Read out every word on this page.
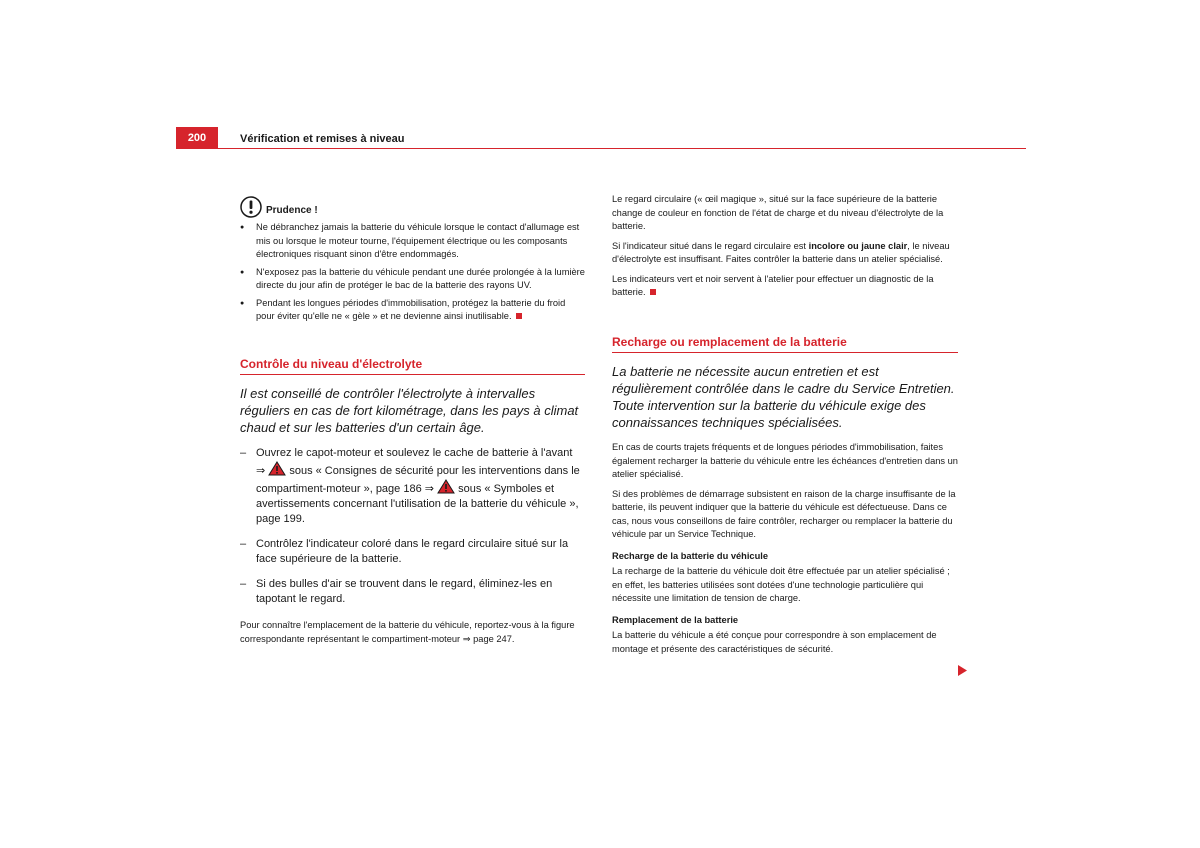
200	Vérification et remises à niveau
Prudence !
● Ne débranchez jamais la batterie du véhicule lorsque le contact d'allumage est mis ou lorsque le moteur tourne, l'équipement électrique ou les composants électroniques risquant sinon d'être endommagés.
● N'exposez pas la batterie du véhicule pendant une durée prolongée à la lumière directe du jour afin de protéger le bac de la batterie des rayons UV.
● Pendant les longues périodes d'immobilisation, protégez la batterie du froid pour éviter qu'elle ne « gèle » et ne devienne ainsi inutilisable.
Contrôle du niveau d'électrolyte
Il est conseillé de contrôler l'électrolyte à intervalles réguliers en cas de fort kilométrage, dans les pays à climat chaud et sur les batteries d'un certain âge.
– Ouvrez le capot-moteur et soulevez le cache de batterie à l'avant
⇒ sous « Consignes de sécurité pour les interventions dans le compartiment-moteur », page 186 ⇒ sous « Symboles et avertissements concernant l'utilisation de la batterie du véhicule », page 199.
– Contrôlez l'indicateur coloré dans le regard circulaire situé sur la face supérieure de la batterie.
– Si des bulles d'air se trouvent dans le regard, éliminez-les en tapotant le regard.

Pour connaître l'emplacement de la batterie du véhicule, reportez-vous à la figure correspondante représentant le compartiment-moteur ⇒ page 247.

Le regard circulaire (« œil magique », situé sur la face supérieure de la batterie change de couleur en fonction de l'état de charge et du niveau d'électrolyte de la batterie.

Si l'indicateur situé dans le regard circulaire est incolore ou jaune clair, le niveau d'électrolyte est insuffisant. Faites contrôler la batterie dans un atelier spécialisé.

Les indicateurs vert et noir servent à l'atelier pour effectuer un diagnostic de la batterie.

Recharge ou remplacement de la batterie
La batterie ne nécessite aucun entretien et est régulièrement contrôlée dans le cadre du Service Entretien. Toute intervention sur la batterie du véhicule exige des connaissances techniques spécialisées.

En cas de courts trajets fréquents et de longues périodes d'immobilisation, faites également recharger la batterie du véhicule entre les échéances d'entretien dans un atelier spécialisé.

Si des problèmes de démarrage subsistent en raison de la charge insuffisante de la batterie, ils peuvent indiquer que la batterie du véhicule est défectueuse. Dans ce cas, nous vous conseillons de faire contrôler, recharger ou remplacer la batterie du véhicule par un Service Technique.

Recharge de la batterie du véhicule

La recharge de la batterie du véhicule doit être effectuée par un atelier spécialisé ; en effet, les batteries utilisées sont dotées d'une technologie particulière qui nécessite une limitation de tension de charge.

Remplacement de la batterie

La batterie du véhicule a été conçue pour correspondre à son emplacement de montage et présente des caractéristiques de sécurité.
